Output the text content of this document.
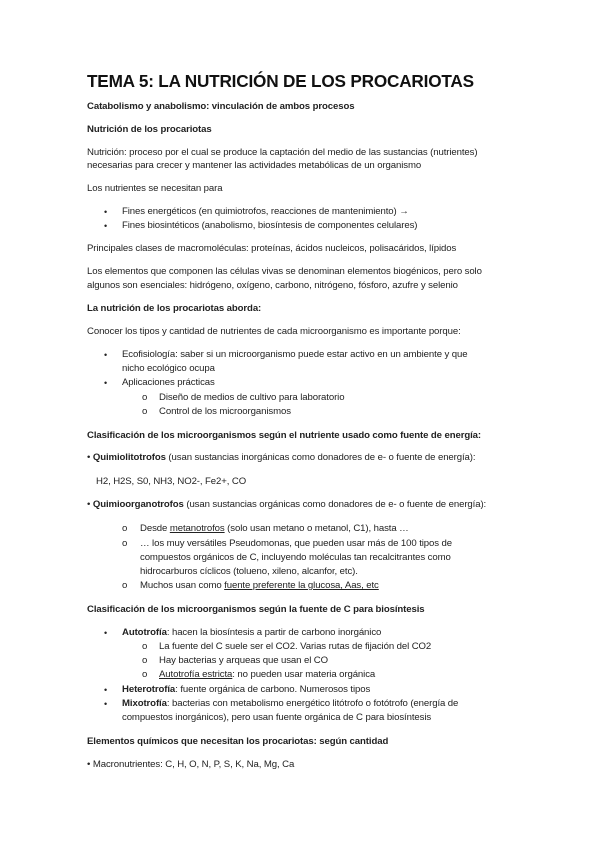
TEMA 5: LA NUTRICIÓN DE LOS PROCARIOTAS
Catabolismo y anabolismo: vinculación de ambos procesos
Nutrición de los procariotas
Nutrición: proceso por el cual se produce la captación del medio de las sustancias (nutrientes)
necesarias para crecer y mantener las actividades metabólicas de un organismo
Los nutrientes se necesitan para
• Fines energéticos (en quimiotrofos, reacciones de mantenimiento) →
• Fines biosintéticos (anabolismo, biosíntesis de componentes celulares)
Principales clases de macromoléculas: proteínas, ácidos nucleicos, polisacáridos, lípidos
Los elementos que componen las células vivas se denominan elementos biogénicos, pero solo
algunos son esenciales: hidrógeno, oxígeno, carbono, nitrógeno, fósforo, azufre y selenio
La nutrición de los procariotas aborda:
Conocer los tipos y cantidad de nutrientes de cada microorganismo es importante porque:
• Ecofisiología: saber si un microorganismo puede estar activo en un ambiente y que
nicho ecológico ocupa
• Aplicaciones prácticas
o Diseño de medios de cultivo para laboratorio
o Control de los microorganismos
Clasificación de los microorganismos según el nutriente usado como fuente de energía:
• Quimiolitotrofos (usan sustancias inorgánicas como donadores de e- o fuente de energía):
H2, H2S, S0, NH3, NO2-, Fe2+, CO
• Quimioorganotrofos (usan sustancias orgánicas como donadores de e- o fuente de energía):
o Desde metanotrofos (solo usan metano o metanol, C1), hasta …
o … los muy versátiles Pseudomonas, que pueden usar más de 100 tipos de
compuestos orgánicos de C, incluyendo moléculas tan recalcitrantes como
hidrocarburos cíclicos (tolueno, xileno, alcanfor, etc).
o Muchos usan como fuente preferente la glucosa, Aas, etc
Clasificación de los microorganismos según la fuente de C para biosíntesis
• Autotrofía: hacen la biosíntesis a partir de carbono inorgánico
o La fuente del C suele ser el CO2. Varias rutas de fijación del CO2
o Hay bacterias y arqueas que usan el CO
o Autotrofía estricta: no pueden usar materia orgánica
• Heterotrofía: fuente orgánica de carbono. Numerosos tipos
• Mixotrofía: bacterias con metabolismo energético litótrofo o fotótrofo (energía de
compuestos inorgánicos), pero usan fuente orgánica de C para biosíntesis
Elementos químicos que necesitan los procariotas: según cantidad
• Macronutrientes: C, H, O, N, P, S, K, Na, Mg, Ca
